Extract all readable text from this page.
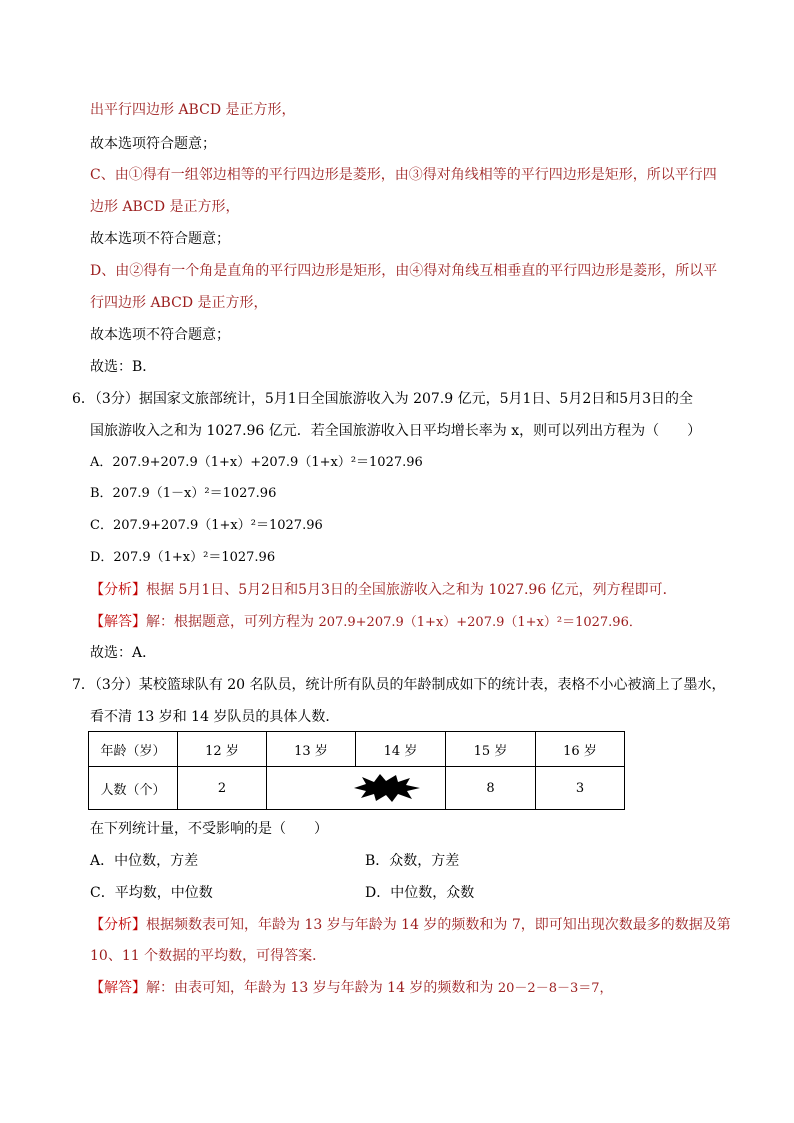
出平行四边形 ABCD 是正方形，
故本选项符合题意；
C、由①得有一组邻边相等的平行四边形是菱形，由③得对角线相等的平行四边形是矩形，所以平行四
边形 ABCD 是正方形，
故本选项不符合题意；
D、由②得有一个角是直角的平行四边形是矩形，由④得对角线互相垂直的平行四边形是菱形，所以平
行四边形 ABCD 是正方形，
故本选项不符合题意；
故选：B．
6．（3分）据国家文旅部统计，5月1日全国旅游收入为 207.9 亿元，5月1日、5月2日和5月3日的全
国旅游收入之和为 1027.96 亿元．若全国旅游收入日平均增长率为 x，则可以列出方程为（　　）
A．207.9+207.9（1+x）+207.9（1+x）²＝1027.96
B．207.9（1－x）²＝1027.96
C．207.9+207.9（1+x）²＝1027.96
D．207.9（1+x）²＝1027.96
【分析】根据 5月1日、5月2日和5月3日的全国旅游收入之和为 1027.96 亿元，列方程即可．
【解答】解：根据题意，可列方程为 207.9+207.9（1+x）+207.9（1+x）²＝1027.96．
故选：A．
7．（3分）某校篮球队有 20 名队员，统计所有队员的年龄制成如下的统计表，表格不小心被滴上了墨水，
看不清 13 岁和 14 岁队员的具体人数．
年龄（岁）	12 岁	13 岁	14 岁	15 岁	16 岁
人数（个）	2			8	3
在下列统计量，不受影响的是（　　）
A．中位数，方差	B．众数，方差
C．平均数，中位数	D．中位数，众数
【分析】根据频数表可知，年龄为 13 岁与年龄为 14 岁的频数和为 7，即可知出现次数最多的数据及第
10、11 个数据的平均数，可得答案．
【解答】解：由表可知，年龄为 13 岁与年龄为 14 岁的频数和为 20－2－8－3＝7，
